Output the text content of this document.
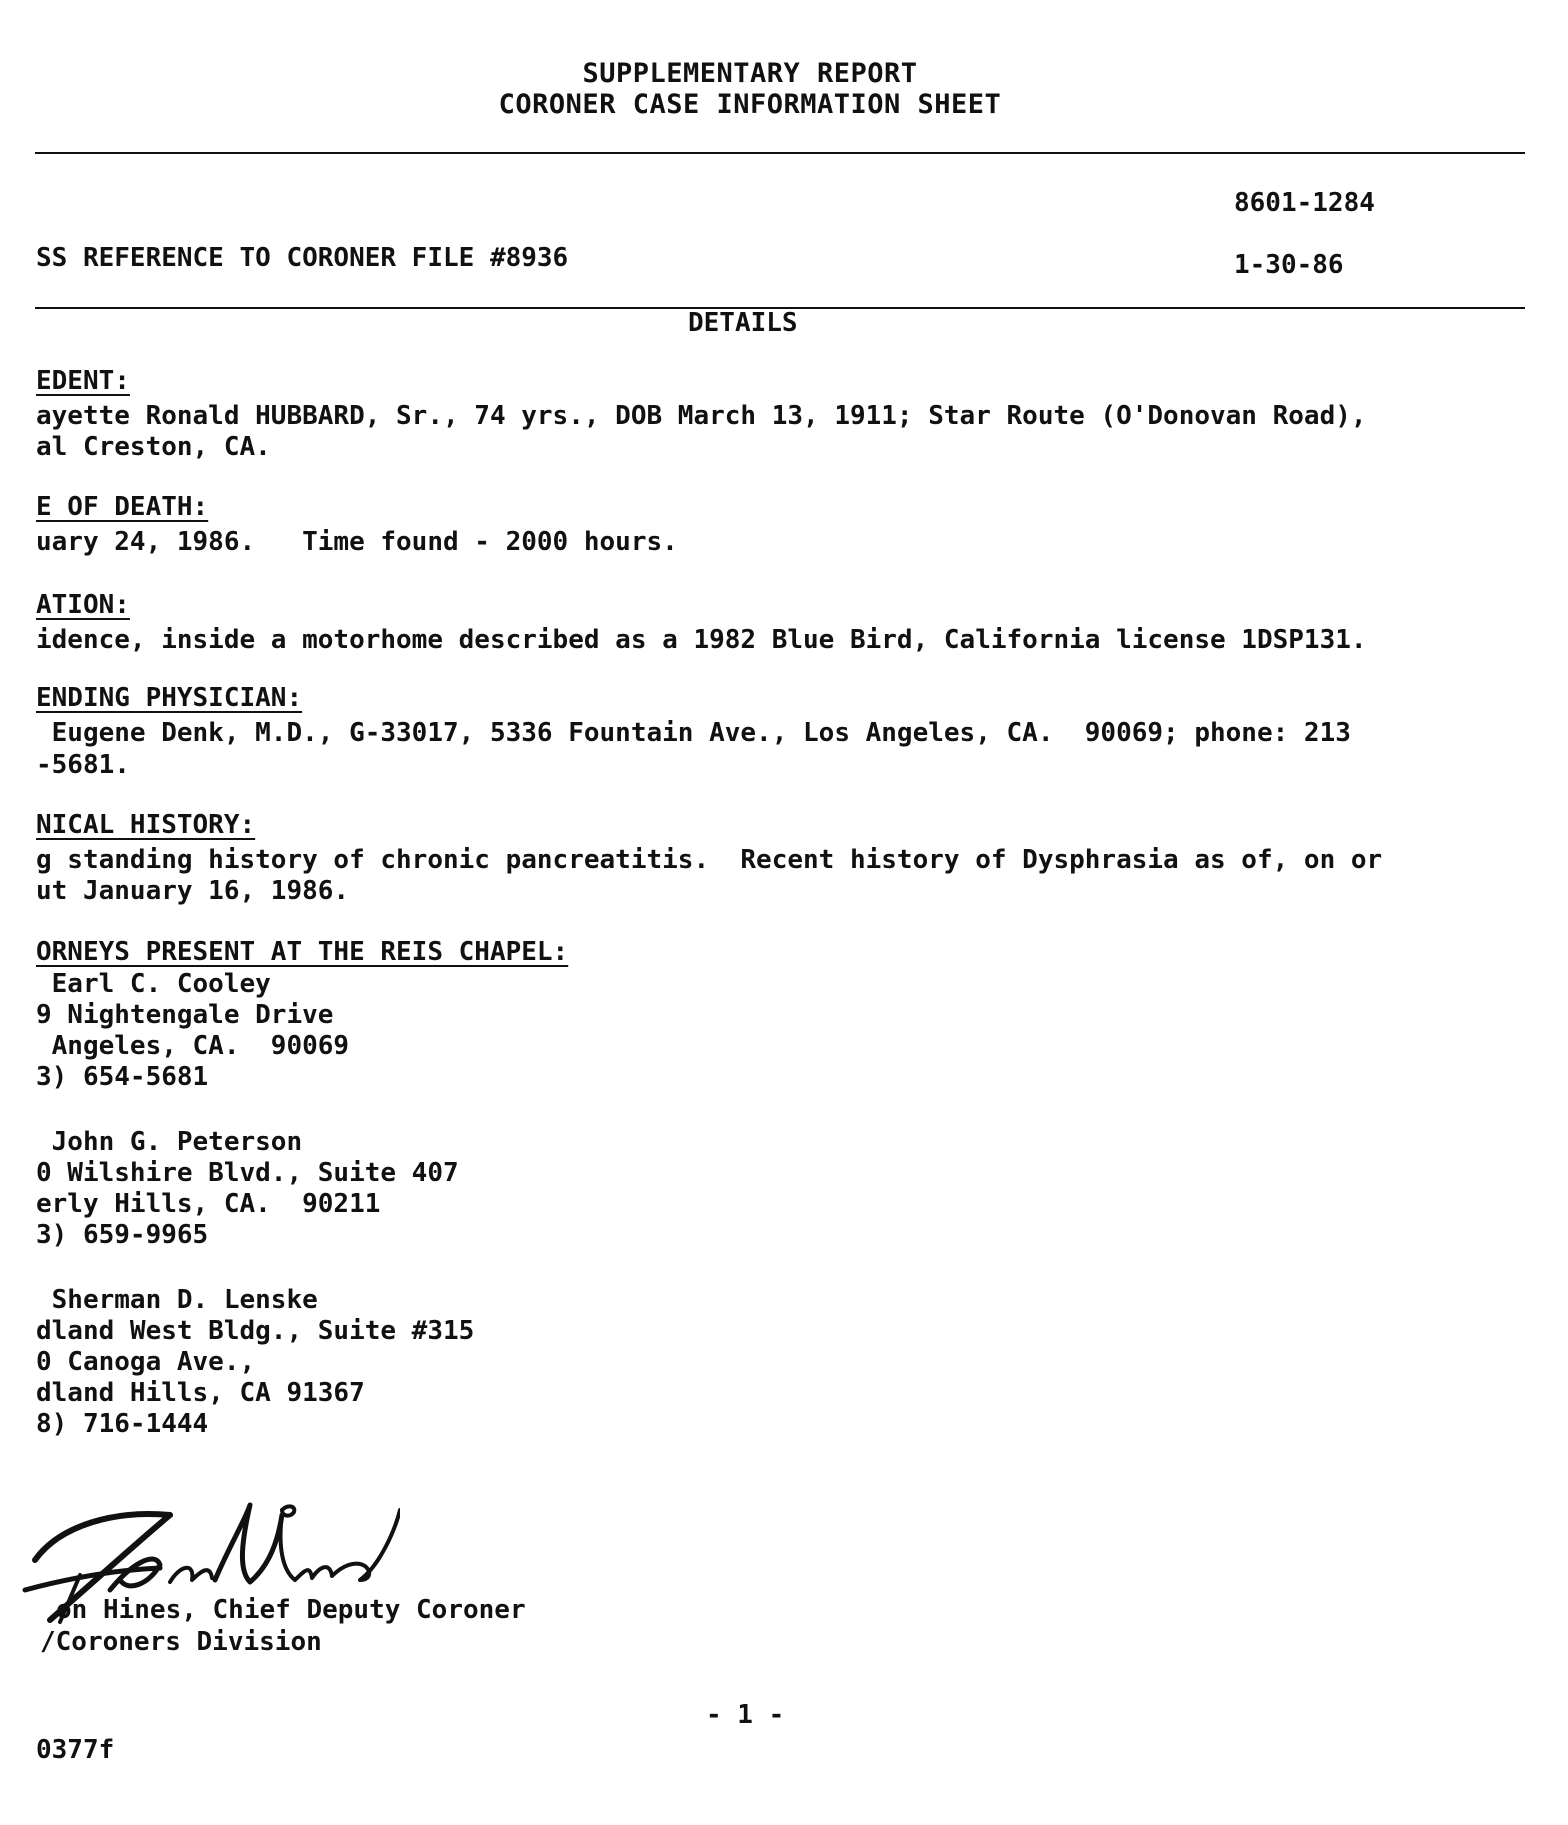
SUPPLEMENTARY REPORT
CORONER CASE INFORMATION SHEET
8601-1284
SS REFERENCE TO CORONER FILE #8936	1-30-86
DETAILS
EDENT:
ayette Ronald HUBBARD, Sr., 74 yrs., DOB March 13, 1911; Star Route (O'Donovan Road),
al Creston, CA.
E OF DEATH:
uary 24, 1986.   Time found - 2000 hours.
ATION:
idence, inside a motorhome described as a 1982 Blue Bird, California license 1DSP131.
ENDING PHYSICIAN:
Eugene Denk, M.D., G-33017, 5336 Fountain Ave., Los Angeles, CA.  90069; phone: 213
-5681.
NICAL HISTORY:
g standing history of chronic pancreatitis.  Recent history of Dysphrasia as of, on or
ut January 16, 1986.
ORNEYS PRESENT AT THE REIS CHAPEL:
Earl C. Cooley
9 Nightengale Drive
Angeles, CA.  90069
3) 654-5681
John G. Peterson
0 Wilshire Blvd., Suite 407
erly Hills, CA.  90211
3) 659-9965
Sherman D. Lenske
dland West Bldg., Suite #315
0 Canoga Ave.,
dland Hills, CA 91367
8) 716-1444
on Hines, Chief Deputy Coroner
/Coroners Division
- 1 -
0377f
